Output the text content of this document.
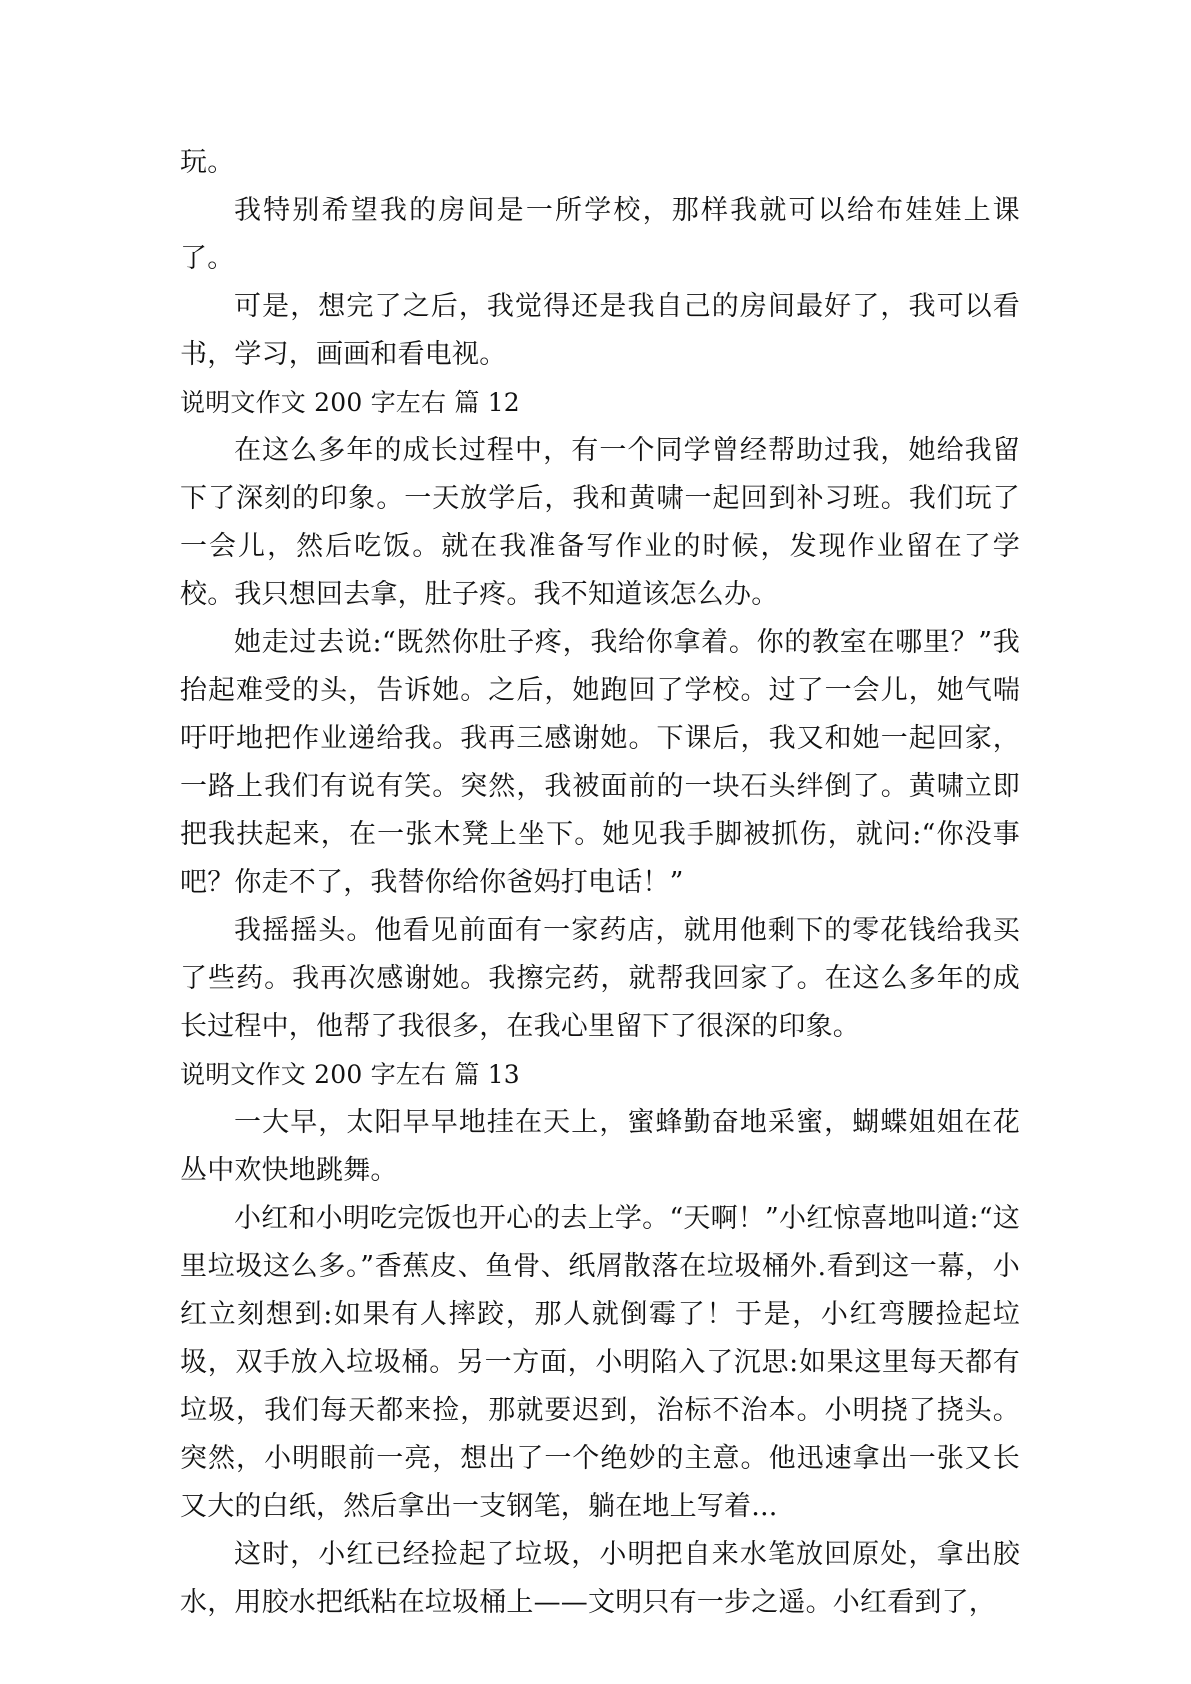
玩。

我特别希望我的房间是一所学校，那样我就可以给布娃娃上课了。

可是，想完了之后，我觉得还是我自己的房间最好了，我可以看书，学习，画画和看电视。

说明文作文 200 字左右 篇 12

在这么多年的成长过程中，有一个同学曾经帮助过我，她给我留下了深刻的印象。一天放学后，我和黄啸一起回到补习班。我们玩了一会儿，然后吃饭。就在我准备写作业的时候，发现作业留在了学校。我只想回去拿，肚子疼。我不知道该怎么办。

她走过去说:“既然你肚子疼，我给你拿着。你的教室在哪里？”我抬起难受的头，告诉她。之后，她跑回了学校。过了一会儿，她气喘吁吁地把作业递给我。我再三感谢她。下课后，我又和她一起回家，一路上我们有说有笑。突然，我被面前的一块石头绊倒了。黄啸立即把我扶起来，在一张木凳上坐下。她见我手脚被抓伤，就问:“你没事吧？你走不了，我替你给你爸妈打电话！”

我摇摇头。他看见前面有一家药店，就用他剩下的零花钱给我买了些药。我再次感谢她。我擦完药，就帮我回家了。在这么多年的成长过程中，他帮了我很多，在我心里留下了很深的印象。

说明文作文 200 字左右 篇 13

一大早，太阳早早地挂在天上，蜜蜂勤奋地采蜜，蝴蝶姐姐在花丛中欢快地跳舞。

小红和小明吃完饭也开心的去上学。“天啊！”小红惊喜地叫道:“这里垃圾这么多。”香蕉皮、鱼骨、纸屑散落在垃圾桶外.看到这一幕，小红立刻想到:如果有人摔跤，那人就倒霉了！于是，小红弯腰捡起垃圾，双手放入垃圾桶。另一方面，小明陷入了沉思:如果这里每天都有垃圾，我们每天都来捡，那就要迟到，治标不治本。小明挠了挠头。突然，小明眼前一亮，想出了一个绝妙的主意。他迅速拿出一张又长又大的白纸，然后拿出一支钢笔，躺在地上写着...

这时，小红已经捡起了垃圾，小明把自来水笔放回原处，拿出胶水，用胶水把纸粘在垃圾桶上——文明只有一步之遥。小红看到了，
